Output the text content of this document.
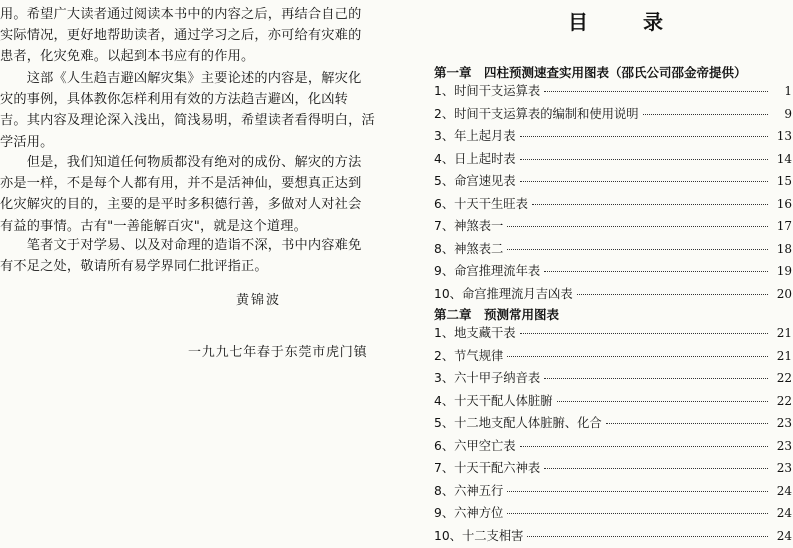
用。希望广大读者通过阅读本书中的内容之后，再结合自己的
实际情况，更好地帮助读者，通过学习之后，亦可给有灾难的
患者，化灾免难。以起到本书应有的作用。
　　这部《人生趋吉避凶解灾集》主要论述的内容是，解灾化
灾的事例，具体教你怎样利用有效的方法趋吉避凶，化凶转
吉。其内容及理论深入浅出，简浅易明，希望读者看得明白，活
学活用。
　　但是，我们知道任何物质都没有绝对的成份、解灾的方法
亦是一样，不是每个人都有用，并不是活神仙，要想真正达到
化灾解灾的目的，主要的是平时多积德行善，多做对人对社会
有益的事情。古有"一善能解百灾"，就是这个道理。
　　笔者文于对学易、以及对命理的造诣不深，书中内容难免
有不足之处，敬请所有易学界同仁批评指正。
黄锦波
一九九七年春于东莞市虎门镇
目 录
第一章　四柱预测速查实用图表（邵氏公司邵金帝提供）
1、时间干支运算表	1
2、时间干支运算表的编制和使用说明	9
3、年上起月表	13
4、日上起时表	14
5、命宫速见表	15
6、十天干生旺表	16
7、神煞表一	17
8、神煞表二	18
9、命宫推理流年表	19
10、命宫推理流月吉凶表	20
第二章　预测常用图表
1、地支藏干表	21
2、节气规律	21
3、六十甲子纳音表	22
4、十天干配人体脏腑	22
5、十二地支配人体脏腑、化合	23
6、六甲空亡表	23
7、十天干配六神表	23
8、六神五行	24
9、六神方位	24
10、十二支相害	24
